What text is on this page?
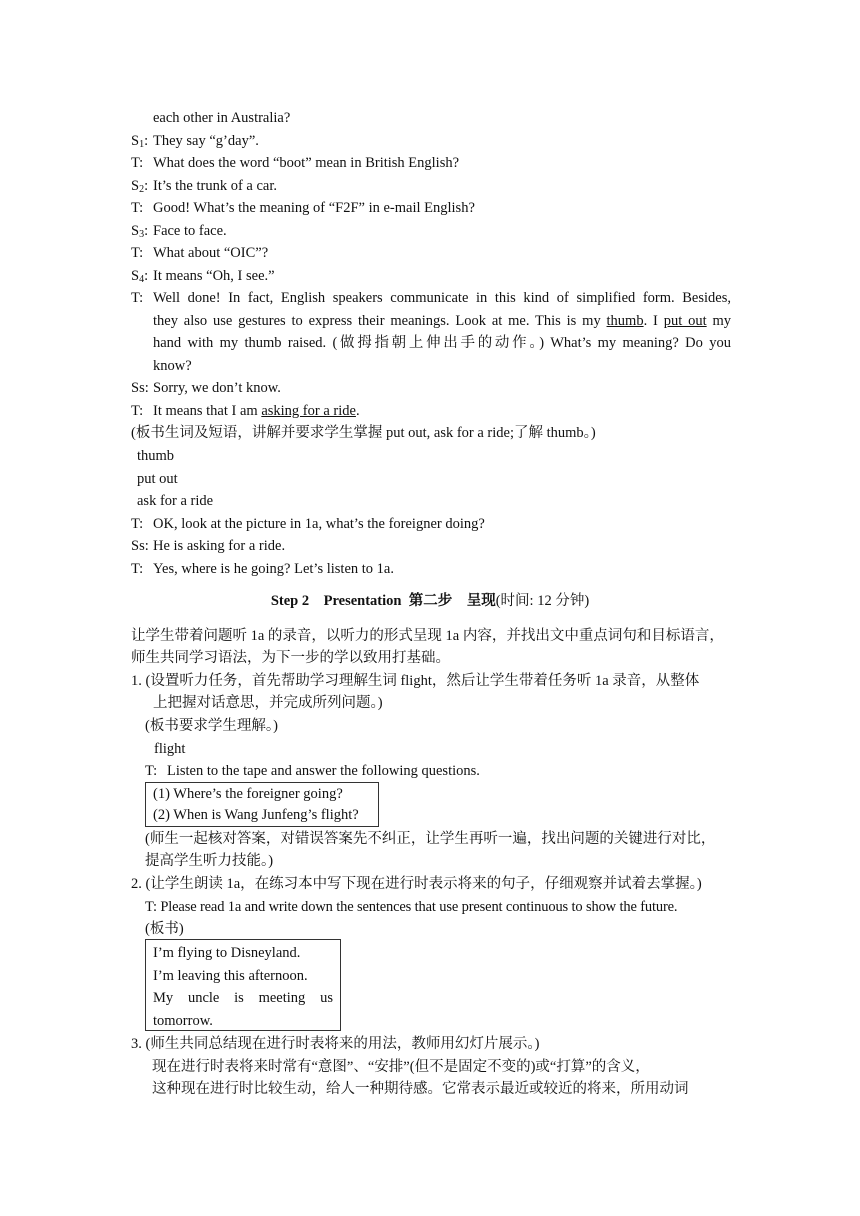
each other in Australia?
$S_1$: They say “g’day”.
T: What does the word “boot” mean in British English?
$S_2$: It’s the trunk of a car.
T: Good! What’s the meaning of “F2F” in e-mail English?
$S_3$: Face to face.
T: What about “OIC”?
$S_4$: It means “Oh, I see.”
T: Well done! In fact, English speakers communicate in this kind of simplified form. Besides,
they also use gestures to express their meanings. Look at me. This is my thumb. I put out my
hand with my thumb raised. (做拇指朝上伸出手的动作。) What’s my meaning? Do you
know?
Ss: Sorry, we don’t know.
T: It means that I am asking for a ride.
(板书生词及短语，讲解并要求学生掌握 put out, ask for a ride;了解 thumb。)
thumb
put out
ask for a ride
T: OK, look at the picture in 1a, what’s the foreigner doing?
Ss: He is asking for a ride.
T: Yes, where is he going? Let’s listen to 1a.
Step 2    Presentation  第二步    呈现(时间: 12 分钟)
让学生带着问题听 1a 的录音，以听力的形式呈现 1a 内容，并找出文中重点词句和目标语言，
师生共同学习语法，为下一步的学以致用打基础。
1. (设置听力任务，首先帮助学习理解生词 flight，然后让学生带着任务听 1a 录音，从整体
上把握对话意思，并完成所列问题。)
(板书要求学生理解。)
flight
T: Listen to the tape and answer the following questions.
(1) Where’s the foreigner going?
(2) When is Wang Junfeng’s flight?
(师生一起核对答案，对错误答案先不纠正，让学生再听一遍，找出问题的关键进行对比，
提高学生听力技能。)
2. (让学生朗读 1a，在练习本中写下现在进行时表示将来的句子，仔细观察并试着去掌握。)
T: Please read 1a and write down the sentences that use present continuous to show the future.
(板书)
I’m flying to Disneyland.
I’m leaving this afternoon.
My uncle is meeting us
tomorrow.
3. (师生共同总结现在进行时表将来的用法，教师用幻灯片展示。)
现在进行时表将来时常有“意图”、“安排”(但不是固定不变的)或“打算”的含义，
这种现在进行时比较生动，给人一种期待感。它常表示最近或较近的将来，所用动词
